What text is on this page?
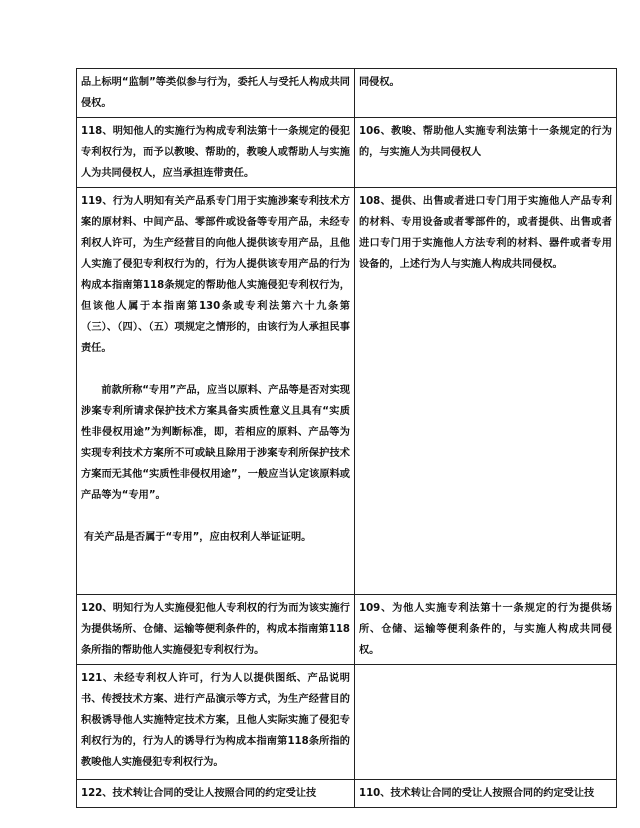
品上标明“监制”等类似参与行为，委托人与受托人构成共同侵权。	同侵权。

118、明知他人的实施行为构成专利法第十一条规定的侵犯专利权行为，而予以教唆、帮助的，教唆人或帮助人与实施人为共同侵权人，应当承担连带责任。	106、教唆、帮助他人实施专利法第十一条规定的行为的，与实施人为共同侵权人

119、行为人明知有关产品系专门用于实施涉案专利技术方案的原材料、中间产品、零部件或设备等专用产品，未经专利权人许可，为生产经营目的向他人提供该专用产品，且他人实施了侵犯专利权行为的，行为人提供该专用产品的行为构成本指南第118条规定的帮助他人实施侵犯专利权行为，但该他人属于本指南第130条或专利法第六十九条第（三）、（四）、（五）项规定之情形的，由该行为人承担民事责任。
前款所称“专用”产品，应当以原料、产品等是否对实现涉案专利所请求保护技术方案具备实质性意义且具有“实质性非侵权用途”为判断标准，即，若相应的原料、产品等为实现专利技术方案所不可或缺且除用于涉案专利所保护技术方案而无其他“实质性非侵权用途”，一般应当认定该原料或产品等为“专用”。
有关产品是否属于“专用”，应由权利人举证证明。	108、提供、出售或者进口专门用于实施他人产品专利的材料、专用设备或者零部件的，或者提供、出售或者进口专门用于实施他人方法专利的材料、器件或者专用设备的，上述行为人与实施人构成共同侵权。

120、明知行为人实施侵犯他人专利权的行为而为该实施行为提供场所、仓储、运输等便利条件的，构成本指南第118条所指的帮助他人实施侵犯专利权行为。	109、为他人实施专利法第十一条规定的行为提供场所、仓储、运输等便利条件的，与实施人构成共同侵权。

121、未经专利权人许可，行为人以提供图纸、产品说明书、传授技术方案、进行产品演示等方式，为生产经营目的积极诱导他人实施特定技术方案，且他人实际实施了侵犯专利权行为的，行为人的诱导行为构成本指南第118条所指的教唆他人实施侵犯专利权行为。	

122、技术转让合同的受让人按照合同的约定受让技	110、技术转让合同的受让人按照合同的约定受让技
